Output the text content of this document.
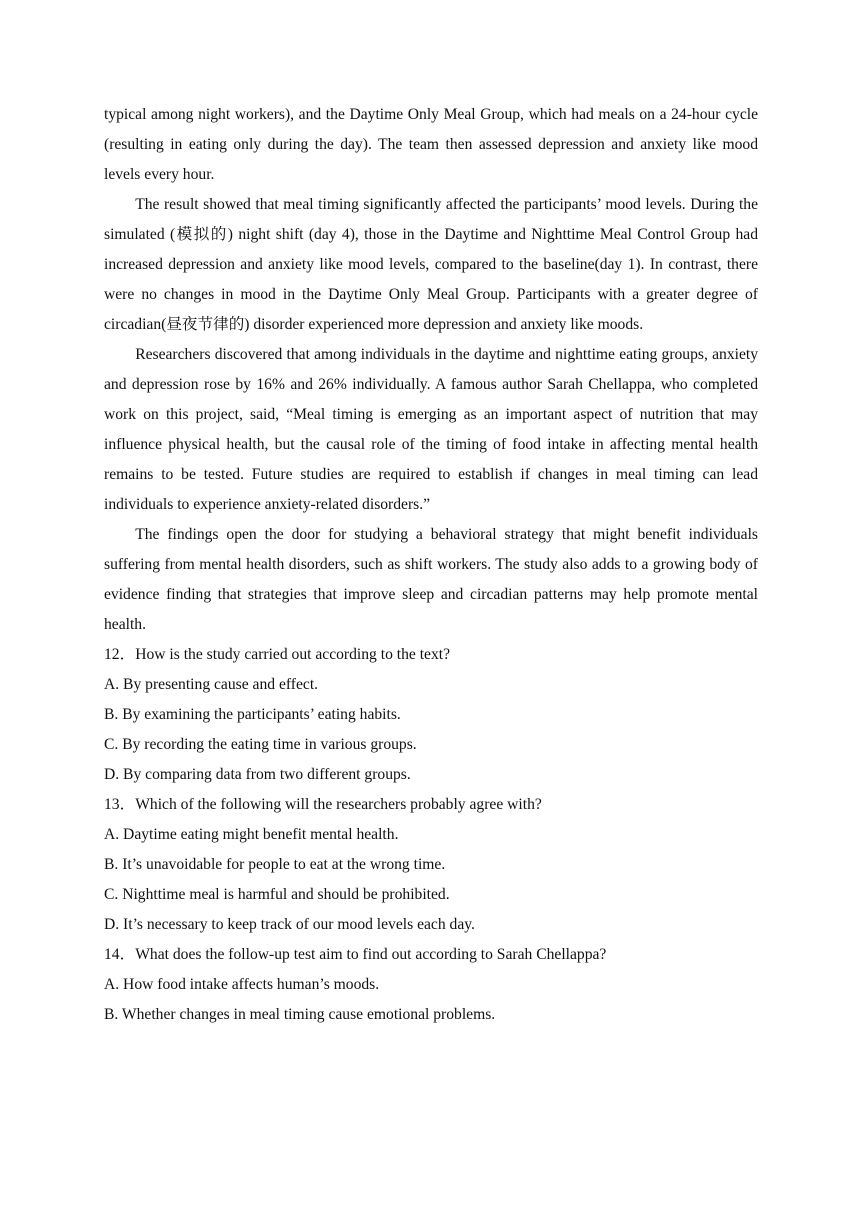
typical among night workers), and the Daytime Only Meal Group, which had meals on a 24-hour cycle (resulting in eating only during the day). The team then assessed depression and anxiety like mood levels every hour.

The result showed that meal timing significantly affected the participants’ mood levels. During the simulated (模拟的) night shift (day 4), those in the Daytime and Nighttime Meal Control Group had increased depression and anxiety like mood levels, compared to the baseline(day 1). In contrast, there were no changes in mood in the Daytime Only Meal Group. Participants with a greater degree of circadian(昼夜节律的) disorder experienced more depression and anxiety like moods.

Researchers discovered that among individuals in the daytime and nighttime eating groups, anxiety and depression rose by 16% and 26% individually. A famous author Sarah Chellappa, who completed work on this project, said, “Meal timing is emerging as an important aspect of nutrition that may influence physical health, but the causal role of the timing of food intake in affecting mental health remains to be tested. Future studies are required to establish if changes in meal timing can lead individuals to experience anxiety-related disorders.”

The findings open the door for studying a behavioral strategy that might benefit individuals suffering from mental health disorders, such as shift workers. The study also adds to a growing body of evidence finding that strategies that improve sleep and circadian patterns may help promote mental health.

12．How is the study carried out according to the text?

A. By presenting cause and effect.

B. By examining the participants’ eating habits.

C. By recording the eating time in various groups.

D. By comparing data from two different groups.

13．Which of the following will the researchers probably agree with?

A. Daytime eating might benefit mental health.

B. It’s unavoidable for people to eat at the wrong time.

C. Nighttime meal is harmful and should be prohibited.

D. It’s necessary to keep track of our mood levels each day.

14．What does the follow-up test aim to find out according to Sarah Chellappa?

A. How food intake affects human’s moods.

B. Whether changes in meal timing cause emotional problems.
